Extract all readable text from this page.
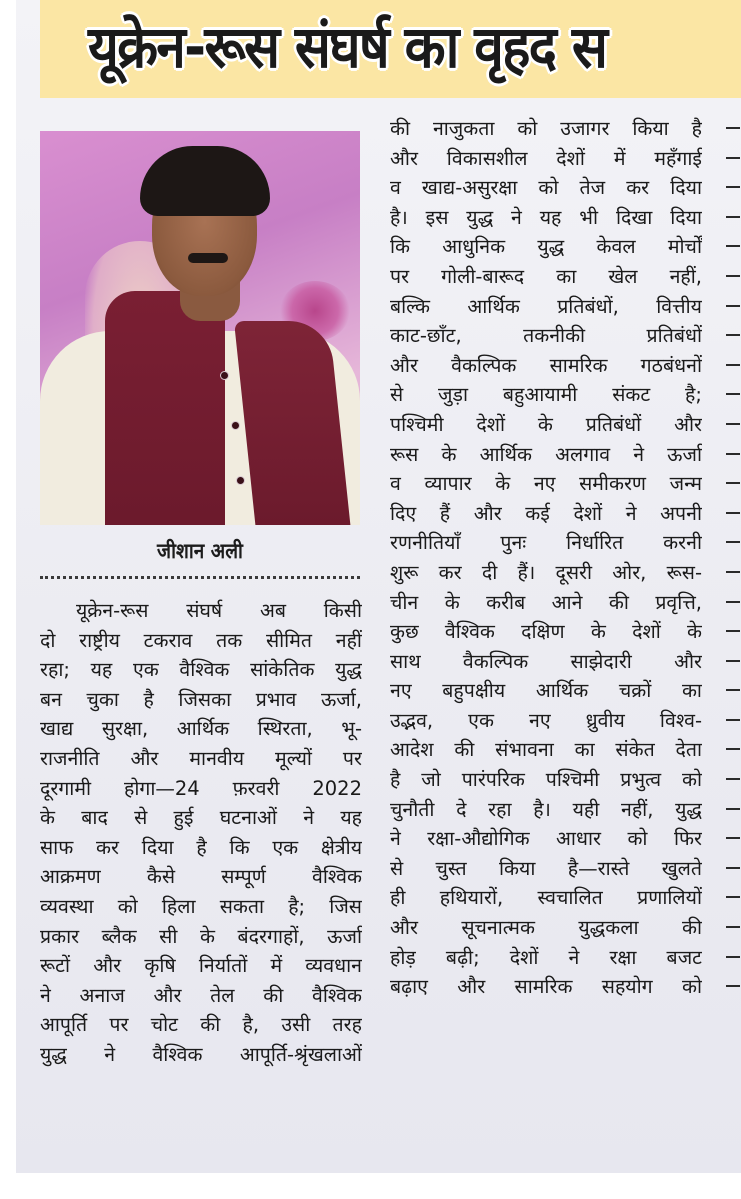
यूक्रेन-रूस संघर्ष का वृहद स
जीशान अली
यूक्रेन-रूस संघर्ष अब किसी
दो राष्ट्रीय टकराव तक सीमित नहीं
रहा; यह एक वैश्विक सांकेतिक युद्ध
बन चुका है जिसका प्रभाव ऊर्जा,
खाद्य सुरक्षा, आर्थिक स्थिरता, भू-
राजनीति और मानवीय मूल्यों पर
दूरगामी होगा—24 फ़रवरी 2022
के बाद से हुई घटनाओं ने यह
साफ कर दिया है कि एक क्षेत्रीय
आक्रमण कैसे सम्पूर्ण वैश्विक
व्यवस्था को हिला सकता है; जिस
प्रकार ब्लैक सी के बंदरगाहों, ऊर्जा
रूटों और कृषि निर्यातों में व्यवधान
ने अनाज और तेल की वैश्विक
आपूर्ति पर चोट की है, उसी तरह
युद्ध ने वैश्विक आपूर्ति-श्रृंखलाओं
की नाजुकता को उजागर किया है
और विकासशील देशों में महँगाई
व खाद्य-असुरक्षा को तेज कर दिया
है। इस युद्ध ने यह भी दिखा दिया
कि आधुनिक युद्ध केवल मोर्चों
पर गोली-बारूद का खेल नहीं,
बल्कि आर्थिक प्रतिबंधों, वित्तीय
काट-छाँट, तकनीकी प्रतिबंधों
और वैकल्पिक सामरिक गठबंधनों
से जुड़ा बहुआयामी संकट है;
पश्चिमी देशों के प्रतिबंधों और
रूस के आर्थिक अलगाव ने ऊर्जा
व व्यापार के नए समीकरण जन्म
दिए हैं और कई देशों ने अपनी
रणनीतियाँ पुनः निर्धारित करनी
शुरू कर दी हैं। दूसरी ओर, रूस-
चीन के करीब आने की प्रवृत्ति,
कुछ वैश्विक दक्षिण के देशों के
साथ वैकल्पिक साझेदारी और
नए बहुपक्षीय आर्थिक चक्रों का
उद्भव, एक नए ध्रुवीय विश्व-
आदेश की संभावना का संकेत देता
है जो पारंपरिक पश्चिमी प्रभुत्व को
चुनौती दे रहा है। यही नहीं, युद्ध
ने रक्षा-औद्योगिक आधार को फिर
से चुस्त किया है—रास्ते खुलते
ही हथियारों, स्वचालित प्रणालियों
और सूचनात्मक युद्धकला की
होड़ बढ़ी; देशों ने रक्षा बजट
बढ़ाए और सामरिक सहयोग को
